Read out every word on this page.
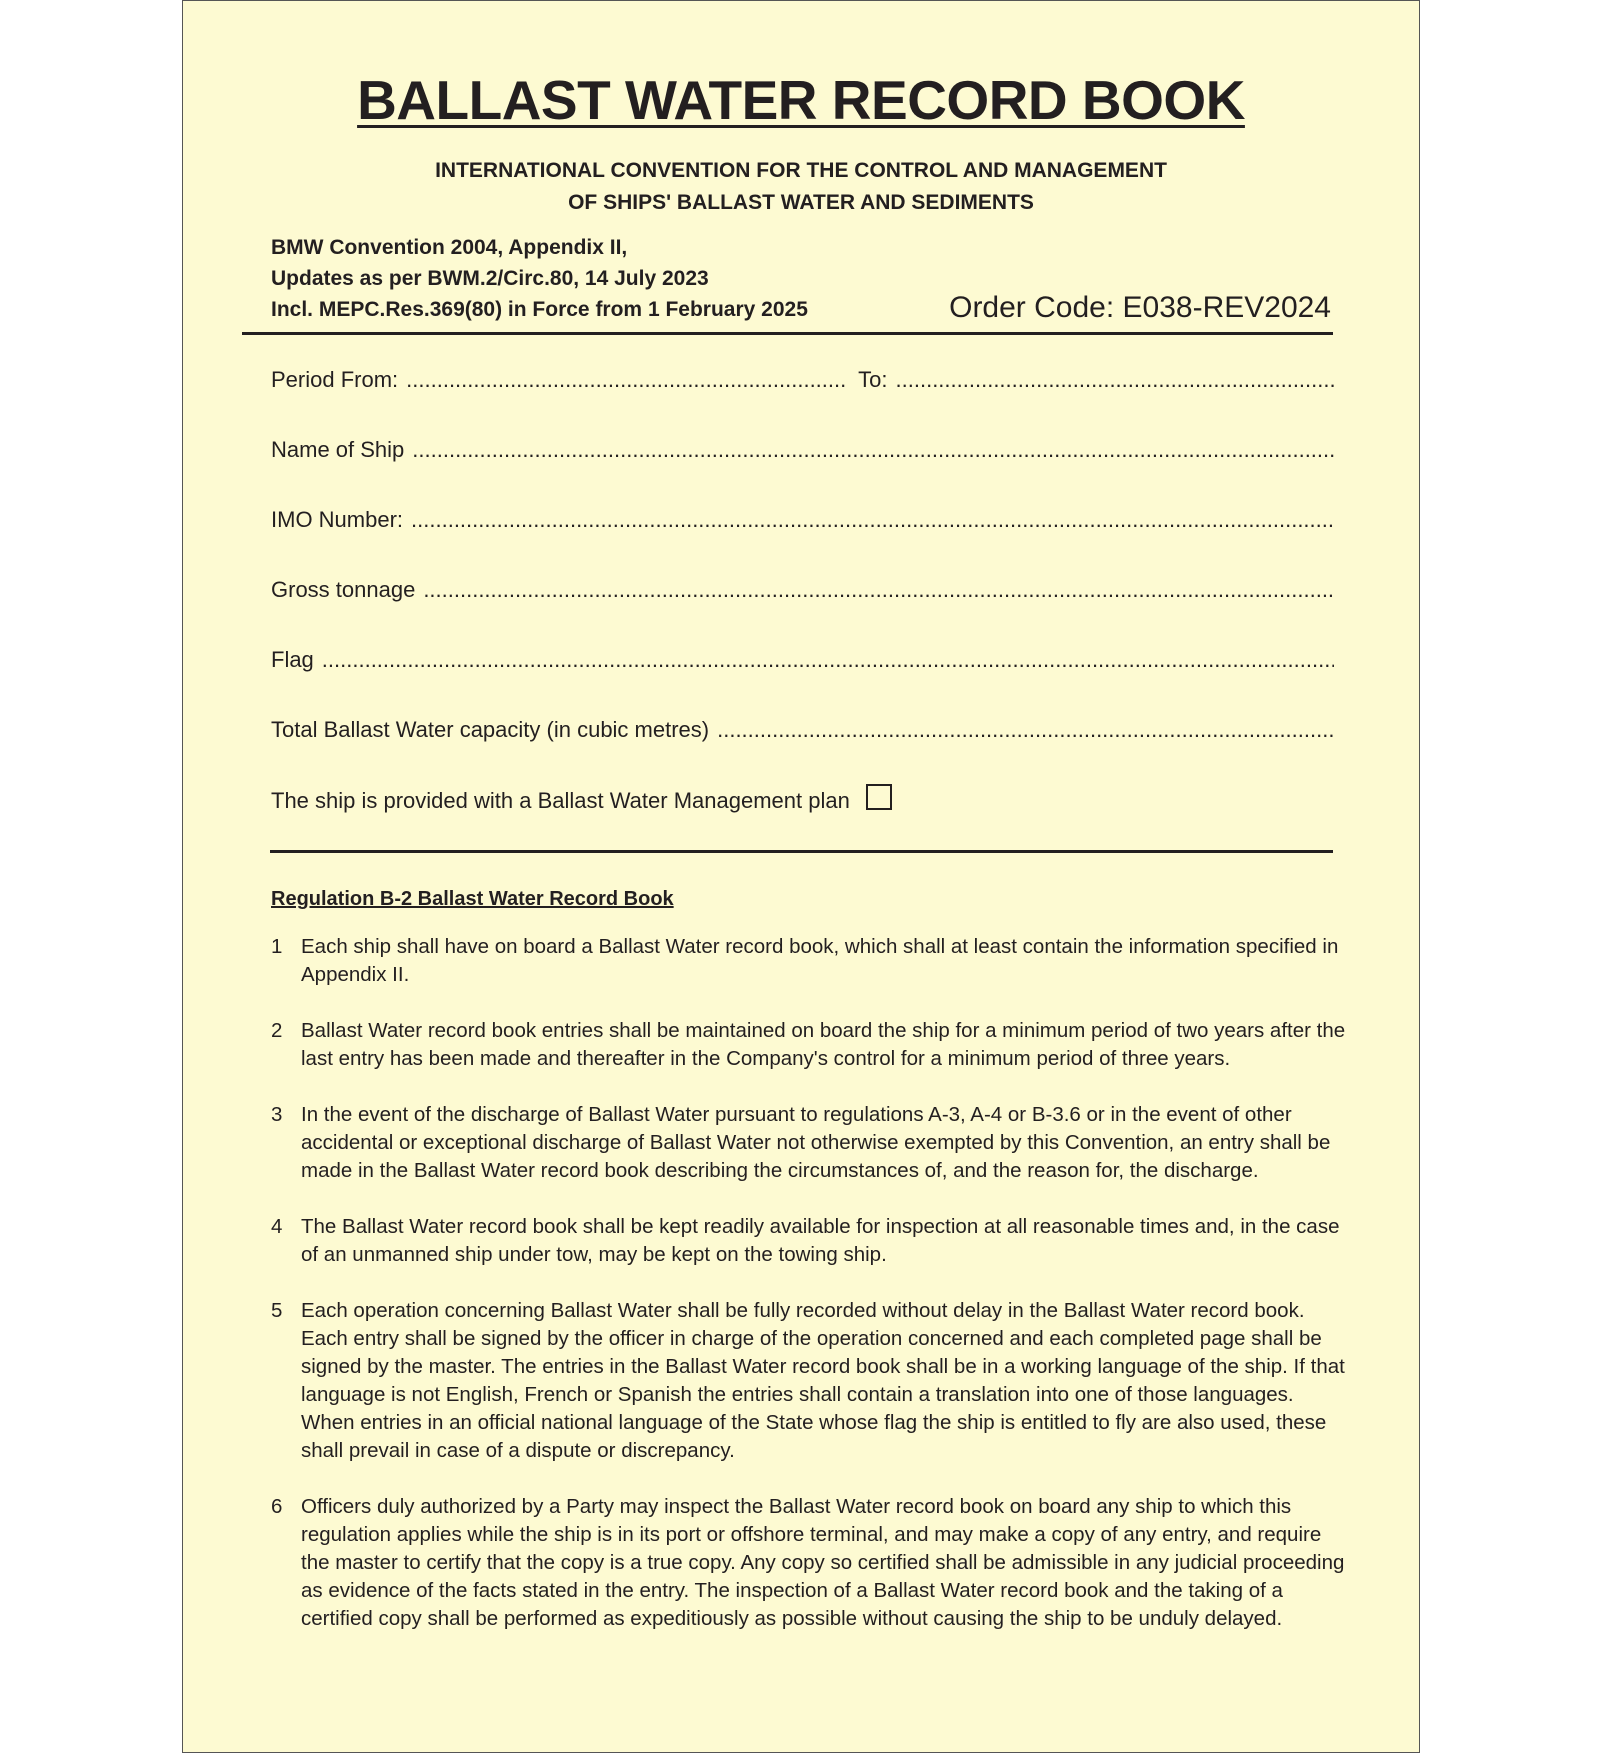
BALLAST WATER RECORD BOOK
INTERNATIONAL CONVENTION FOR THE CONTROL AND MANAGEMENT
OF SHIPS' BALLAST WATER AND SEDIMENTS
BMW Convention 2004, Appendix II,
Updates as per BWM.2/Circ.80, 14 July 2023
Incl. MEPC.Res.369(80) in Force from 1 February 2025	Order Code: E038-REV2024
Period From:
.....	To:
.....
Name of Ship
.....
IMO Number:
.....
Gross tonnage
.....
Flag
.....
Total Ballast Water capacity (in cubic metres)
.....
The ship is provided with a Ballast Water Management plan
Regulation B-2 Ballast Water Record Book
1 Each ship shall have on board a Ballast Water record book, which shall at least contain the information specified in Appendix II.
2 Ballast Water record book entries shall be maintained on board the ship for a minimum period of two years after the last entry has been made and thereafter in the Company's control for a minimum period of three years.
3 In the event of the discharge of Ballast Water pursuant to regulations A-3, A-4 or B-3.6 or in the event of other accidental or exceptional discharge of Ballast Water not otherwise exempted by this Convention, an entry shall be made in the Ballast Water record book describing the circumstances of, and the reason for, the discharge.
4 The Ballast Water record book shall be kept readily available for inspection at all reasonable times and, in the case of an unmanned ship under tow, may be kept on the towing ship.
5 Each operation concerning Ballast Water shall be fully recorded without delay in the Ballast Water record book. Each entry shall be signed by the officer in charge of the operation concerned and each completed page shall be signed by the master. The entries in the Ballast Water record book shall be in a working language of the ship. If that language is not English, French or Spanish the entries shall contain a translation into one of those languages. When entries in an official national language of the State whose flag the ship is entitled to fly are also used, these shall prevail in case of a dispute or discrepancy.
6 Officers duly authorized by a Party may inspect the Ballast Water record book on board any ship to which this regulation applies while the ship is in its port or offshore terminal, and may make a copy of any entry, and require the master to certify that the copy is a true copy. Any copy so certified shall be admissible in any judicial proceeding as evidence of the facts stated in the entry. The inspection of a Ballast Water record book and the taking of a certified copy shall be performed as expeditiously as possible without causing the ship to be unduly delayed.
